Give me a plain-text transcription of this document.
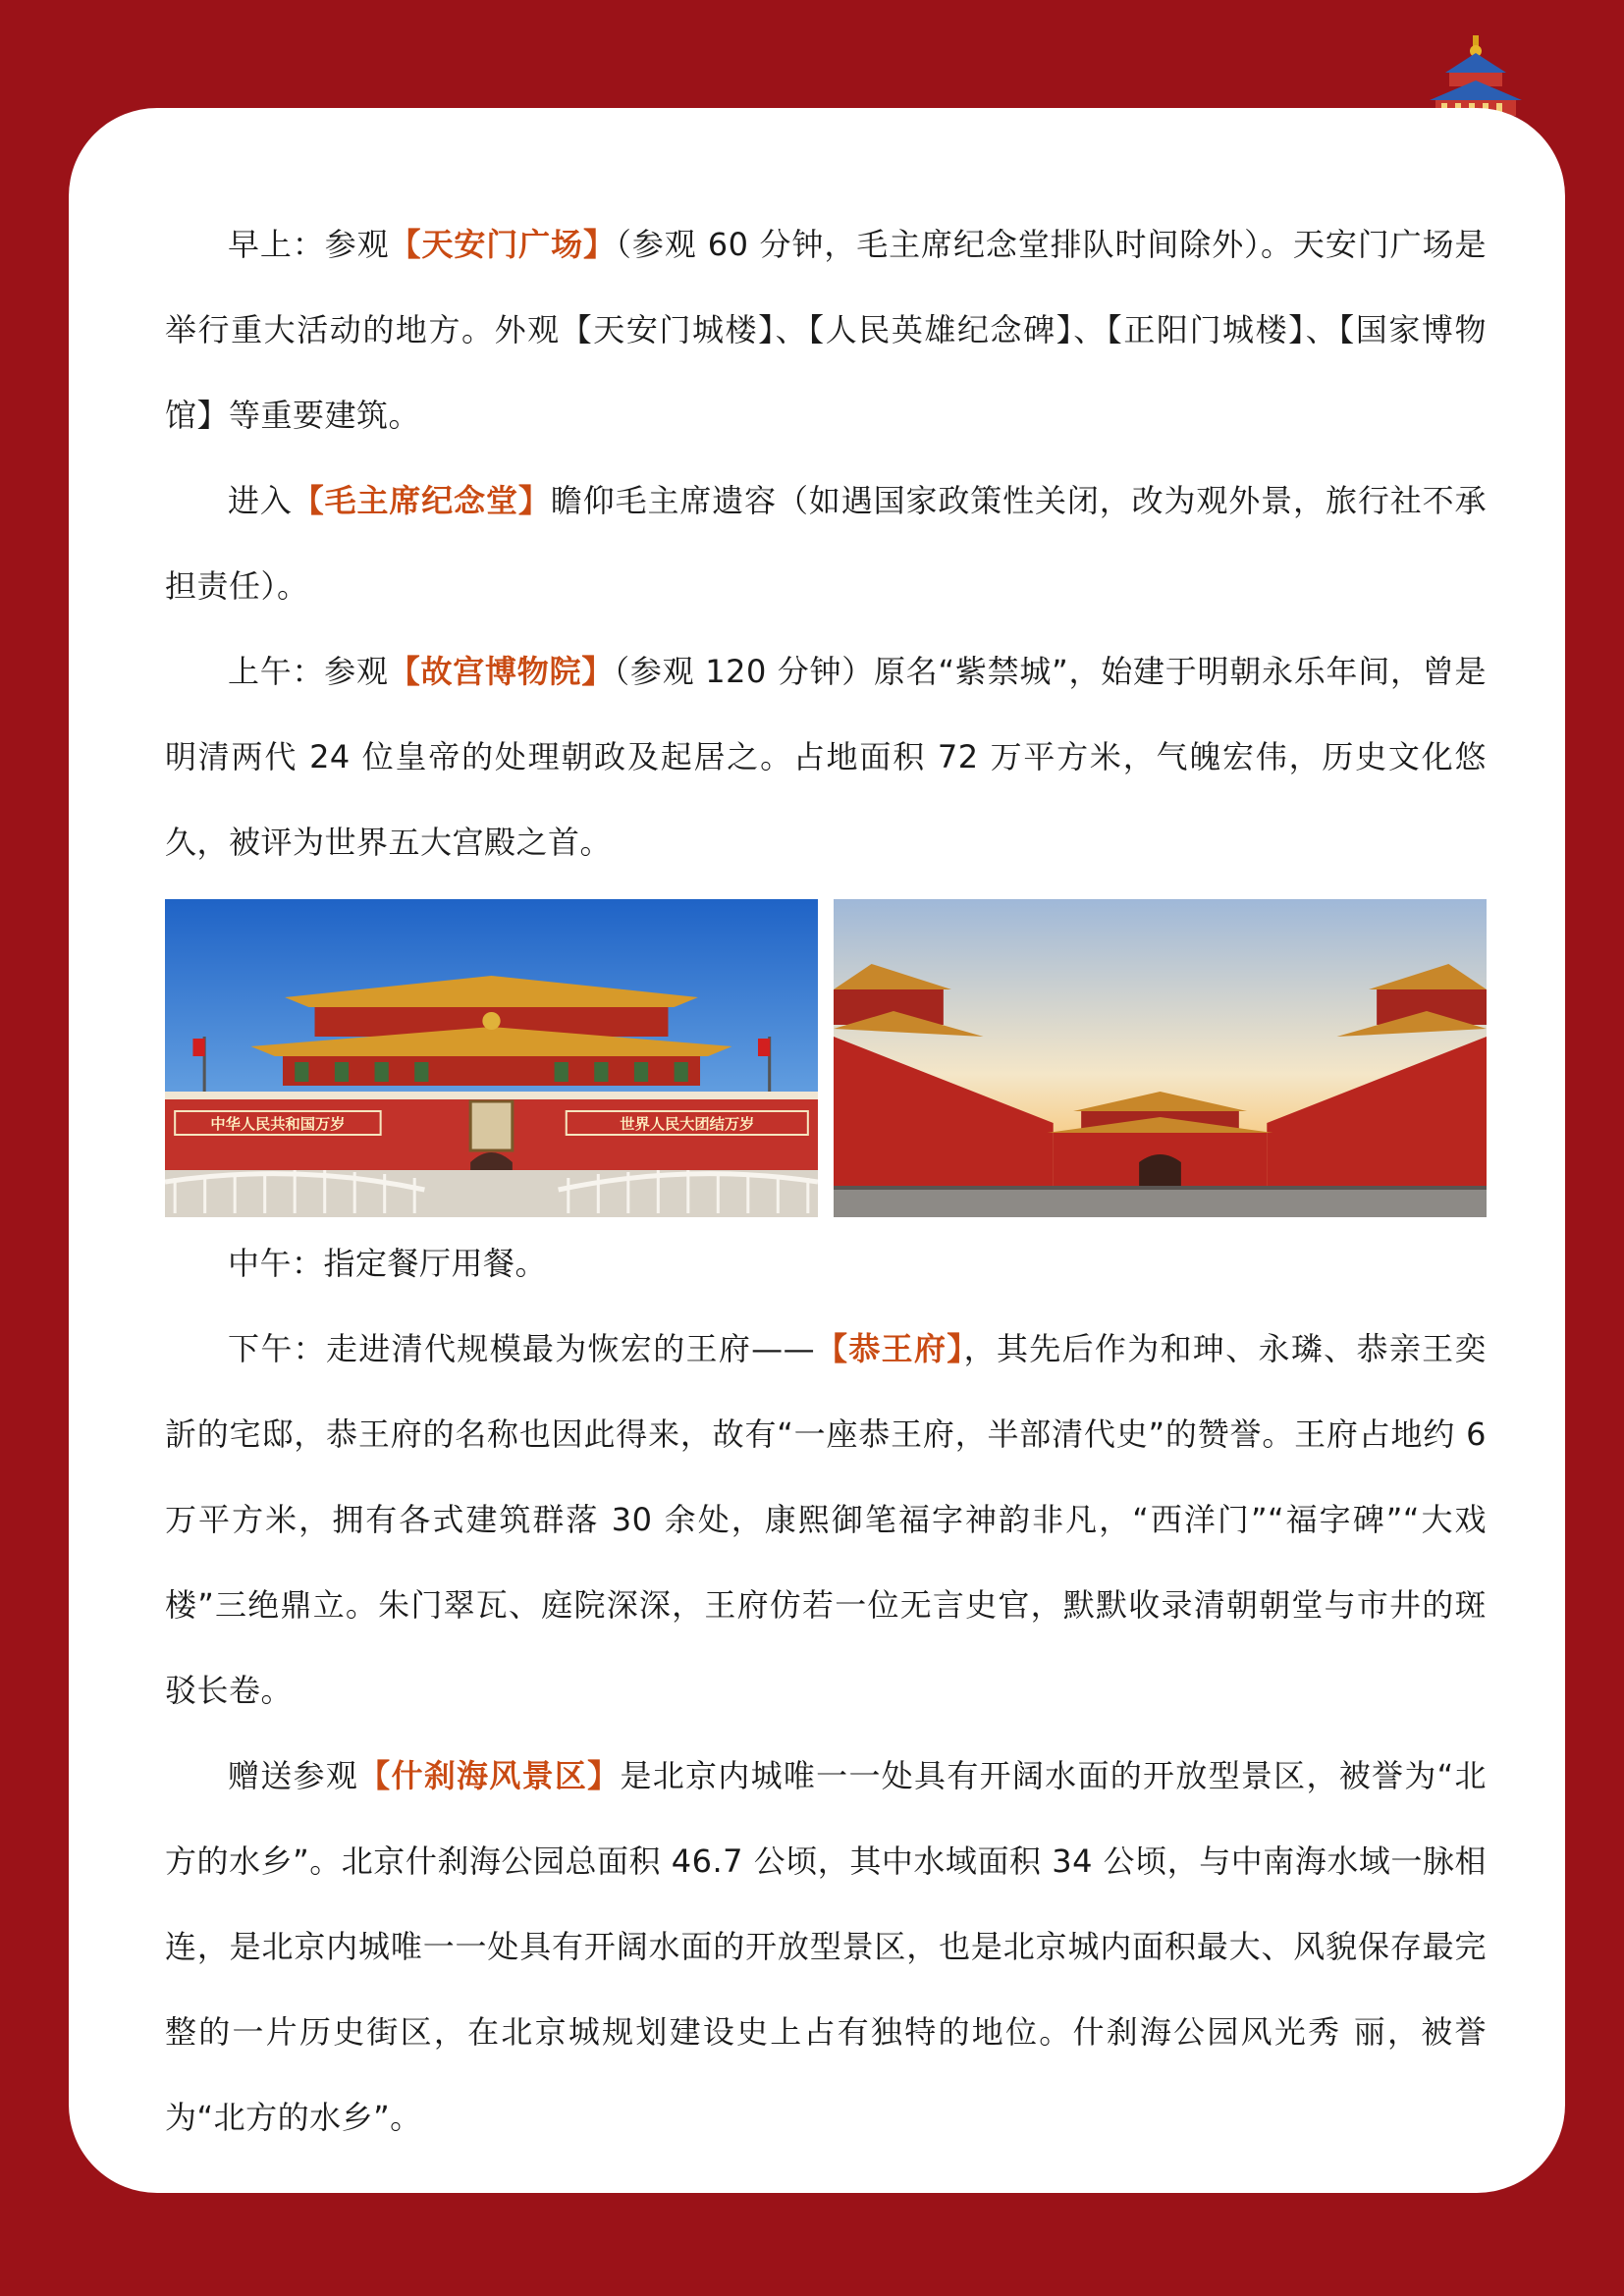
早上：参观【天安门广场】（参观 60 分钟，毛主席纪念堂排队时间除外）。天安门广场是举行重大活动的地方。外观【天安门城楼】、【人民英雄纪念碑】、【正阳门城楼】、【国家博物馆】等重要建筑。

进入【毛主席纪念堂】瞻仰毛主席遗容（如遇国家政策性关闭，改为观外景，旅行社不承担责任）。

上午：参观【故宫博物院】（参观 120 分钟）原名“紫禁城”，始建于明朝永乐年间，曾是明清两代 24 位皇帝的处理朝政及起居之。占地面积 72 万平方米，气魄宏伟，历史文化悠久，被评为世界五大宫殿之首。

中华人民共和国万岁	世界人民大团结万岁

中午：指定餐厅用餐。

下午：走进清代规模最为恢宏的王府——【恭王府】，其先后作为和珅、永璘、恭亲王奕訢的宅邸，恭王府的名称也因此得来，故有“一座恭王府，半部清代史”的赞誉。王府占地约 6 万平方米，拥有各式建筑群落 30 余处，康熙御笔福字神韵非凡，“西洋门”“福字碑”“大戏楼”三绝鼎立。朱门翠瓦、庭院深深，王府仿若一位无言史官，默默收录清朝朝堂与市井的斑驳长卷。

赠送参观【什刹海风景区】是北京内城唯一一处具有开阔水面的开放型景区，被誉为“北方的水乡”。北京什刹海公园总面积 46.7 公顷，其中水域面积 34 公顷，与中南海水域一脉相连，是北京内城唯一一处具有开阔水面的开放型景区，也是北京城内面积最大、风貌保存最完整的一片历史街区，在北京城规划建设史上占有独特的地位。什刹海公园风光秀 丽，被誉为“北方的水乡”。
